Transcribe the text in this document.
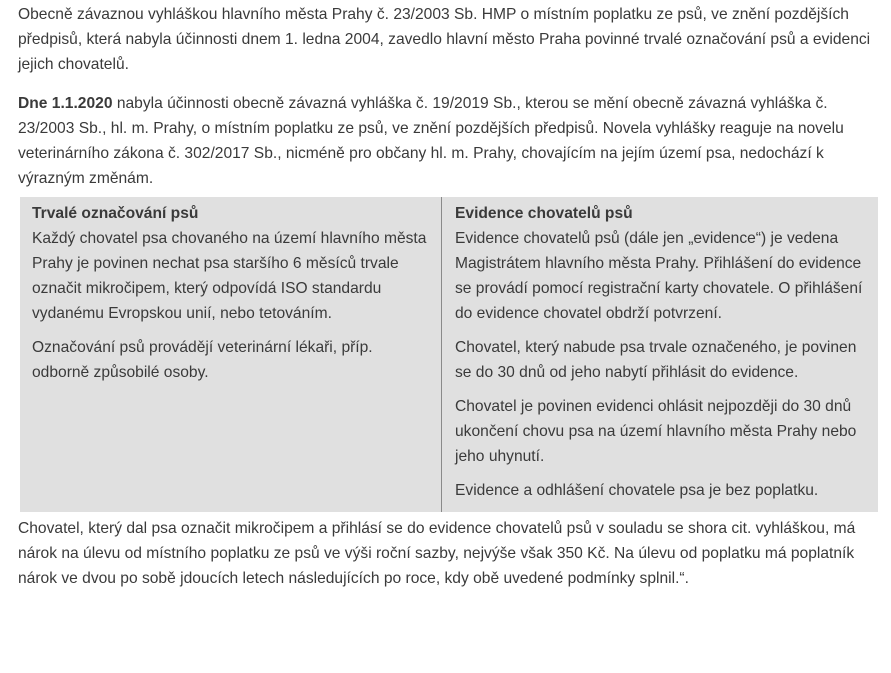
Obecně závaznou vyhláškou hlavního města Prahy č. 23/2003 Sb. HMP o místním poplatku ze psů, ve znění pozdějších předpisů, která nabyla účinnosti dnem 1. ledna 2004, zavedlo hlavní město Praha povinné trvalé označování psů a evidenci jejich chovatelů.

Dne 1.1.2020 nabyla účinnosti obecně závazná vyhláška č. 19/2019 Sb., kterou se mění obecně závazná vyhláška č. 23/2003 Sb., hl. m. Prahy, o místním poplatku ze psů, ve znění pozdějších předpisů. Novela vyhlášky reaguje na novelu veterinárního zákona č. 302/2017 Sb., nicméně pro občany hl. m. Prahy, chovajícím na jejím území psa, nedochází k výrazným změnám.

Trvalé označování psů

Každý chovatel psa chovaného na území hlavního města Prahy je povinen nechat psa staršího 6 měsíců trvale označit mikročipem, který odpovídá ISO standardu vydanému Evropskou unií, nebo tetováním.

Označování psů provádějí veterinární lékaři, příp. odborně způsobilé osoby.

Evidence chovatelů psů

Evidence chovatelů psů (dále jen „evidence“) je vedena Magistrátem hlavního města Prahy. Přihlášení do evidence se provádí pomocí registrační karty chovatele. O přihlášení do evidence chovatel obdrží potvrzení.

Chovatel, který nabude psa trvale označeného, je povinen se do 30 dnů od jeho nabytí přihlásit do evidence.

Chovatel je povinen evidenci ohlásit nejpozději do 30 dnů ukončení chovu psa na území hlavního města Prahy nebo jeho uhynutí.

Evidence a odhlášení chovatele psa je bez poplatku.

Chovatel, který dal psa označit mikročipem a přihlásí se do evidence chovatelů psů v souladu se shora cit. vyhláškou, má nárok na úlevu od místního poplatku ze psů ve výši roční sazby, nejvýše však 350 Kč. Na úlevu od poplatku má poplatník nárok ve dvou po sobě jdoucích letech následujících po roce, kdy obě uvedené podmínky splnil.“.
